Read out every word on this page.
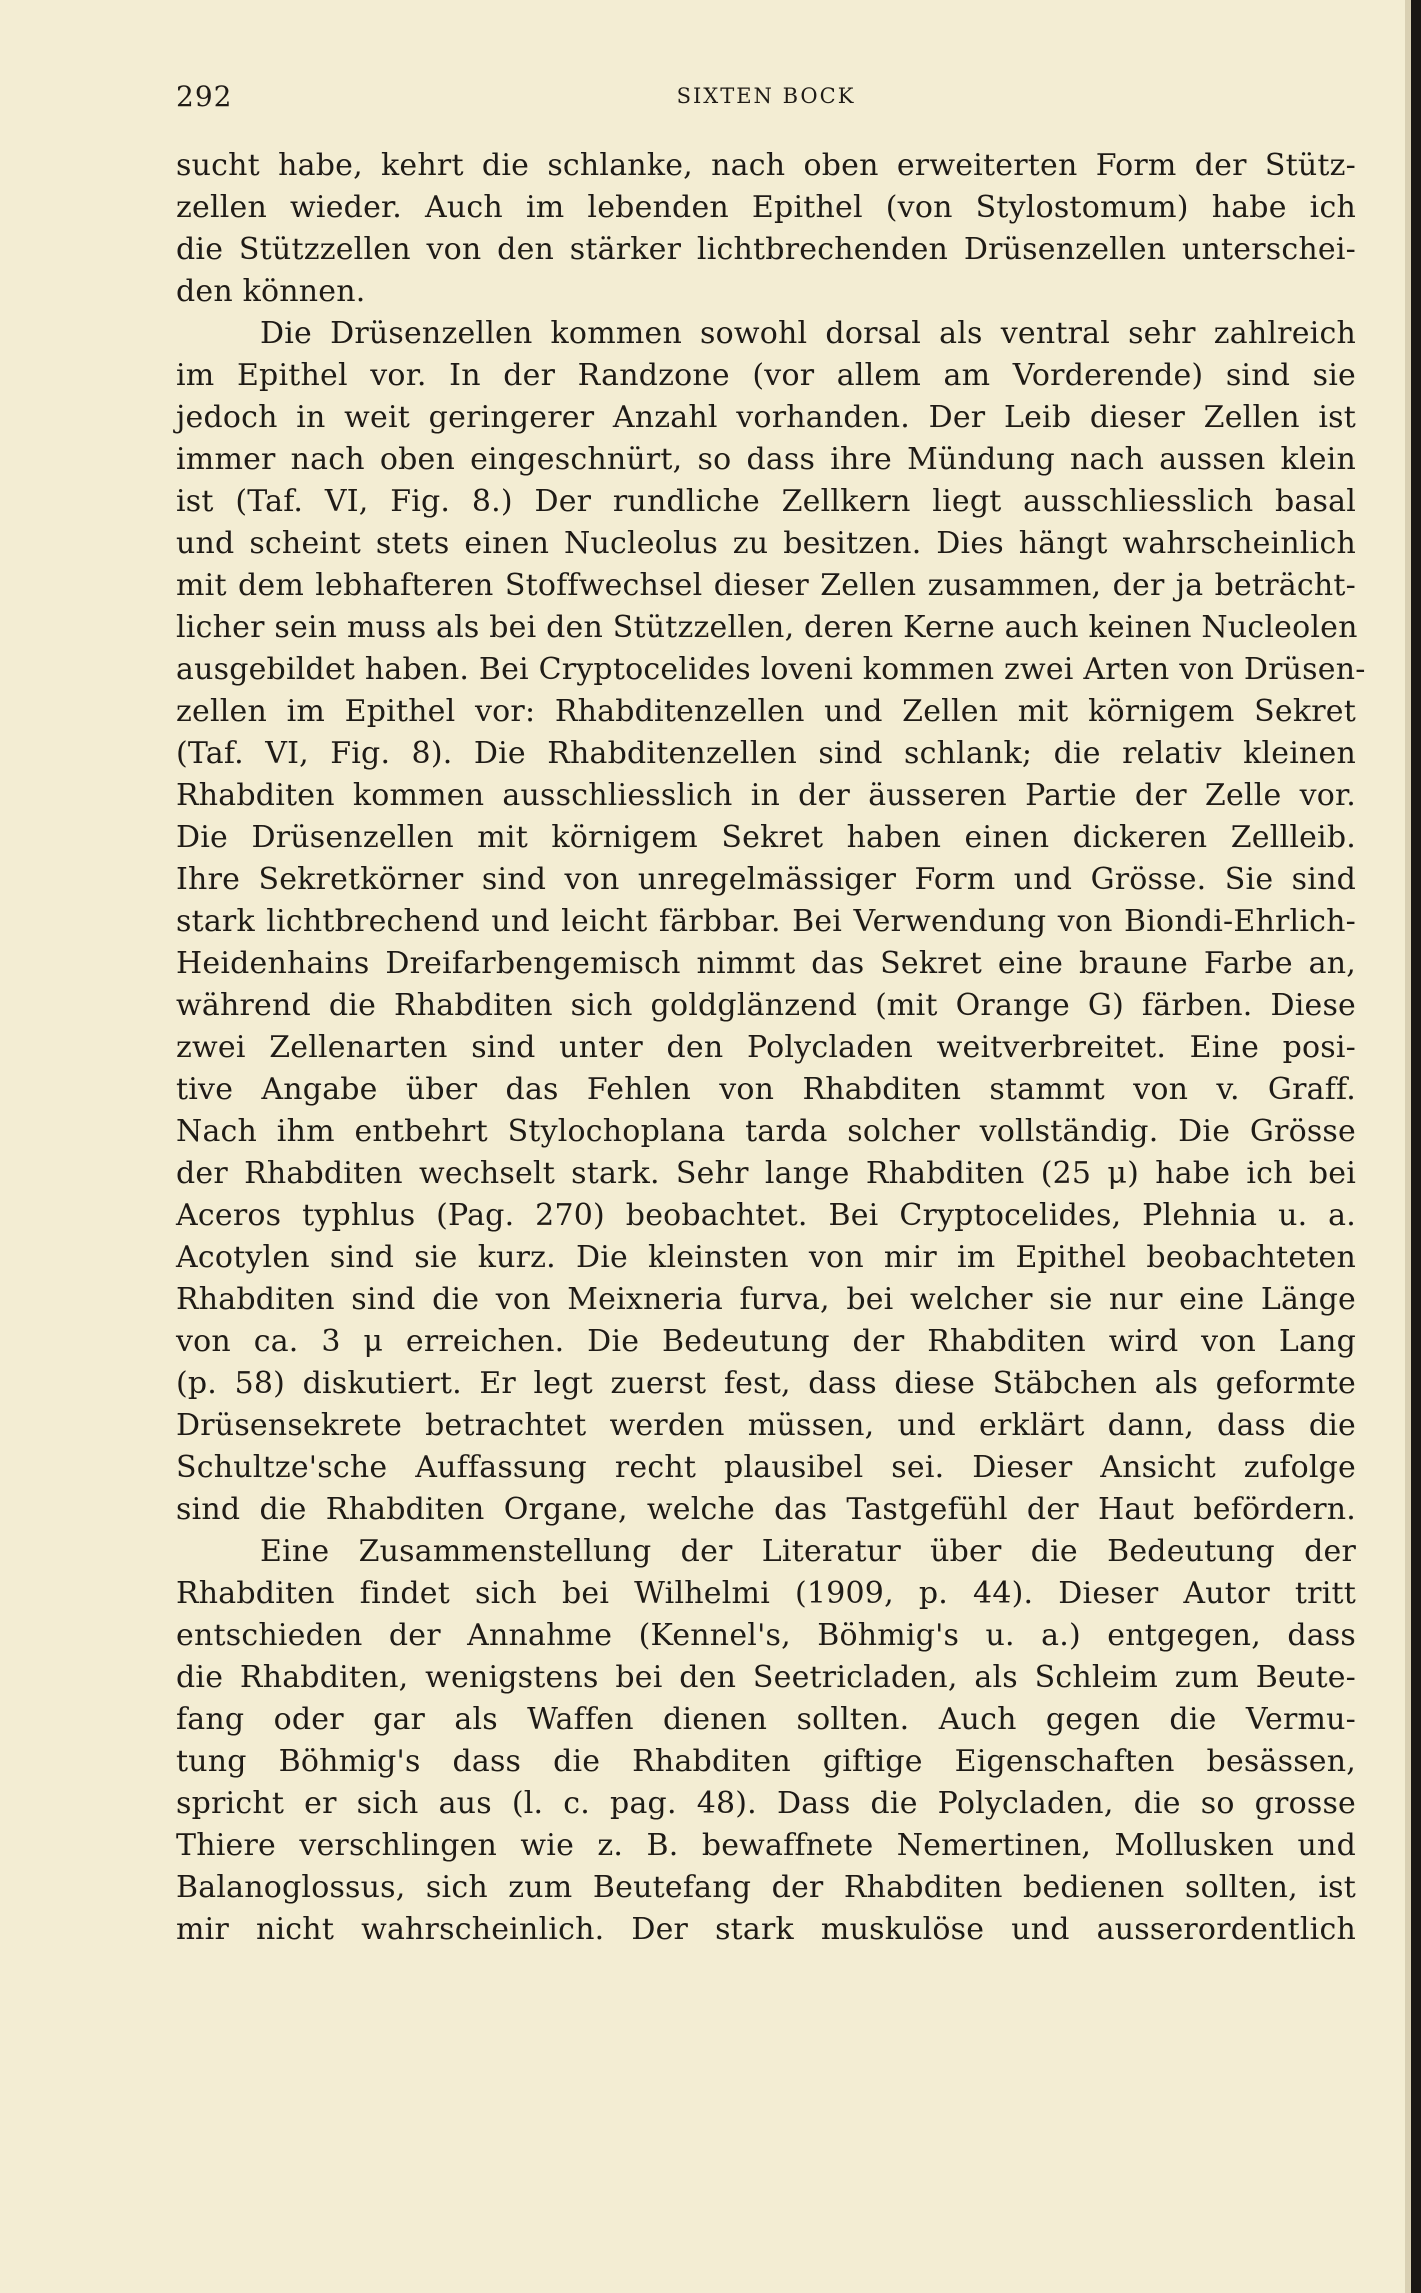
292	SIXTEN BOCK
sucht habe, kehrt die schlanke, nach oben erweiterten Form der Stütz-
zellen wieder. Auch im lebenden Epithel (von Stylostomum) habe ich
die Stützzellen von den stärker lichtbrechenden Drüsenzellen unterschei-
den können.
Die Drüsenzellen kommen sowohl dorsal als ventral sehr zahlreich
im Epithel vor. In der Randzone (vor allem am Vorderende) sind sie
jedoch in weit geringerer Anzahl vorhanden. Der Leib dieser Zellen ist
immer nach oben eingeschnürt, so dass ihre Mündung nach aussen klein
ist (Taf. VI, Fig. 8.) Der rundliche Zellkern liegt ausschliesslich basal
und scheint stets einen Nucleolus zu besitzen. Dies hängt wahrscheinlich
mit dem lebhafteren Stoffwechsel dieser Zellen zusammen, der ja beträcht-
licher sein muss als bei den Stützzellen, deren Kerne auch keinen Nucleolen
ausgebildet haben. Bei Cryptocelides loveni kommen zwei Arten von Drüsen-
zellen im Epithel vor: Rhabditenzellen und Zellen mit körnigem Sekret
(Taf. VI, Fig. 8). Die Rhabditenzellen sind schlank; die relativ kleinen
Rhabditen kommen ausschliesslich in der äusseren Partie der Zelle vor.
Die Drüsenzellen mit körnigem Sekret haben einen dickeren Zellleib.
Ihre Sekretkörner sind von unregelmässiger Form und Grösse. Sie sind
stark lichtbrechend und leicht färbbar. Bei Verwendung von Biondi-Ehrlich-
Heidenhains Dreifarbengemisch nimmt das Sekret eine braune Farbe an,
während die Rhabditen sich goldglänzend (mit Orange G) färben. Diese
zwei Zellenarten sind unter den Polycladen weitverbreitet. Eine posi-
tive Angabe über das Fehlen von Rhabditen stammt von v. Graff.
Nach ihm entbehrt Stylochoplana tarda solcher vollständig. Die Grösse
der Rhabditen wechselt stark. Sehr lange Rhabditen (25 μ) habe ich bei
Aceros typhlus (Pag. 270) beobachtet. Bei Cryptocelides, Plehnia u. a.
Acotylen sind sie kurz. Die kleinsten von mir im Epithel beobachteten
Rhabditen sind die von Meixneria furva, bei welcher sie nur eine Länge
von ca. 3 μ erreichen. Die Bedeutung der Rhabditen wird von Lang
(p. 58) diskutiert. Er legt zuerst fest, dass diese Stäbchen als geformte
Drüsensekrete betrachtet werden müssen, und erklärt dann, dass die
Schultze'sche Auffassung recht plausibel sei. Dieser Ansicht zufolge
sind die Rhabditen Organe, welche das Tastgefühl der Haut befördern.
Eine Zusammenstellung der Literatur über die Bedeutung der
Rhabditen findet sich bei Wilhelmi (1909, p. 44). Dieser Autor tritt
entschieden der Annahme (Kennel's, Böhmig's u. a.) entgegen, dass
die Rhabditen, wenigstens bei den Seetricladen, als Schleim zum Beute-
fang oder gar als Waffen dienen sollten. Auch gegen die Vermu-
tung Böhmig's dass die Rhabditen giftige Eigenschaften besässen,
spricht er sich aus (l. c. pag. 48). Dass die Polycladen, die so grosse
Thiere verschlingen wie z. B. bewaffnete Nemertinen, Mollusken und
Balanoglossus, sich zum Beutefang der Rhabditen bedienen sollten, ist
mir nicht wahrscheinlich. Der stark muskulöse und ausserordentlich
